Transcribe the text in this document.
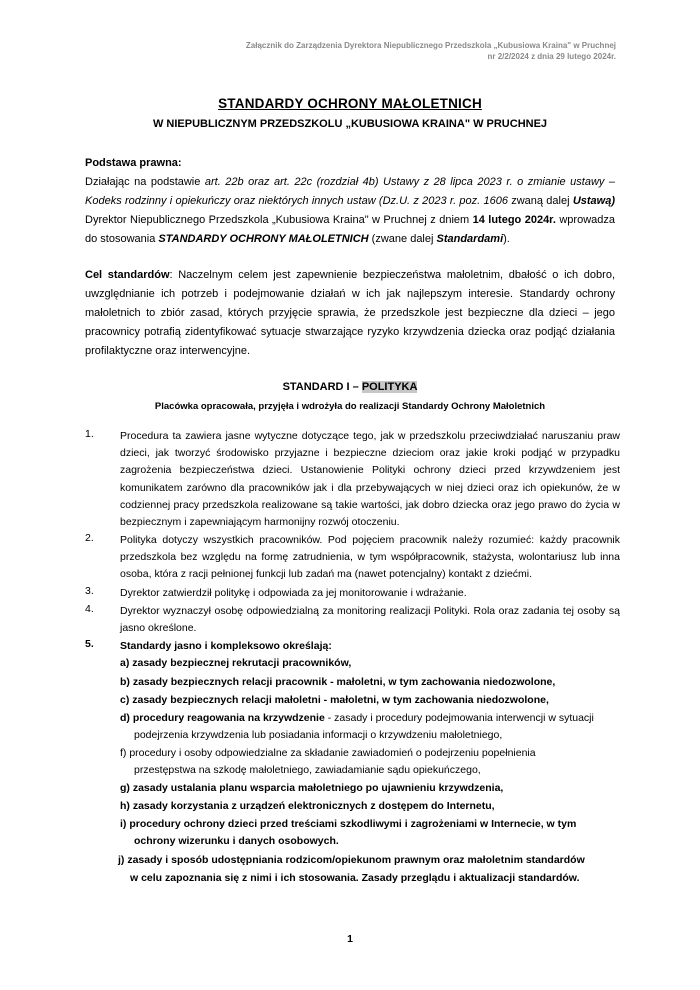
Załącznik do Zarządzenia Dyrektora Niepublicznego Przedszkola „Kubusiowa Kraina" w Pruchnej
nr 2/2/2024 z dnia 29 lutego 2024r.
STANDARDY OCHRONY MAŁOLETNICH
W NIEPUBLICZNYM PRZEDSZKOLU „KUBUSIOWA KRAINA" W PRUCHNEJ

Podstawa prawna:

Działając na podstawie art. 22b oraz art. 22c (rozdział 4b) Ustawy z 28 lipca 2023 r. o zmianie ustawy – Kodeks rodzinny i opiekuńczy oraz niektórych innych ustaw (Dz.U. z 2023 r. poz. 1606 zwaną dalej Ustawą) Dyrektor Niepublicznego Przedszkola „Kubusiowa Kraina" w Pruchnej z dniem 14 lutego 2024r. wprowadza do stosowania STANDARDY OCHRONY MAŁOLETNICH (zwane dalej Standardami).

Cel standardów: Naczelnym celem jest zapewnienie bezpieczeństwa małoletnim, dbałość o ich dobro, uwzględnianie ich potrzeb i podejmowanie działań w ich jak najlepszym interesie. Standardy ochrony małoletnich to zbiór zasad, których przyjęcie sprawia, że przedszkole jest bezpieczne dla dzieci – jego pracownicy potrafią zidentyfikować sytuacje stwarzające ryzyko krzywdzenia dziecka oraz podjąć działania profilaktyczne oraz interwencyjne.

STANDARD I – POLITYKA
Placówka opracowała, przyjęła i wdrożyła do realizacji Standardy Ochrony Małoletnich
1.	Procedura ta zawiera jasne wytyczne dotyczące tego, jak w przedszkolu przeciwdziałać naruszaniu praw dzieci, jak tworzyć środowisko przyjazne i bezpieczne dzieciom oraz jakie kroki podjąć w przypadku zagrożenia bezpieczeństwa dzieci. Ustanowienie Polityki ochrony dzieci przed krzywdzeniem jest komunikatem zarówno dla pracowników jak i dla przebywających w niej dzieci oraz ich opiekunów, że w codziennej pracy przedszkola realizowane są takie wartości, jak dobro dziecka oraz jego prawo do życia w bezpiecznym i zapewniającym harmonijny rozwój otoczeniu.
2.	Polityka dotyczy wszystkich pracowników. Pod pojęciem pracownik należy rozumieć: każdy pracownik przedszkola bez względu na formę zatrudnienia, w tym współpracownik, stażysta, wolontariusz lub inna osoba, która z racji pełnionej funkcji lub zadań ma (nawet potencjalny) kontakt z dziećmi.
3.	Dyrektor zatwierdził politykę i odpowiada za jej monitorowanie i wdrażanie.
4.	Dyrektor wyznaczył osobę odpowiedzialną za monitoring realizacji Polityki. Rola oraz zadania tej osoby są jasno określone.
5.	Standardy jasno i kompleksowo określają:
a) zasady bezpiecznej rekrutacji pracowników,
b) zasady bezpiecznych relacji pracownik - małoletni, w tym zachowania niedozwolone,
c) zasady bezpiecznych relacji małoletni - małoletni, w tym zachowania niedozwolone,
d) procedury reagowania na krzywdzenie - zasady i procedury podejmowania interwencji w sytuacji
podejrzenia krzywdzenia lub posiadania informacji o krzywdzeniu małoletniego,
f) procedury i osoby odpowiedzialne za składanie zawiadomień o podejrzeniu popełnienia
przestępstwa na szkodę małoletniego, zawiadamianie sądu opiekuńczego,
g) zasady ustalania planu wsparcia małoletniego po ujawnieniu krzywdzenia,
h) zasady korzystania z urządzeń elektronicznych z dostępem do Internetu,
i) procedury ochrony dzieci przed treściami szkodliwymi i zagrożeniami w Internecie, w tym
ochrony wizerunku i danych osobowych.
j) zasady i sposób udostępniania rodzicom/opiekunom prawnym oraz małoletnim standardów
w celu zapoznania się z nimi i ich stosowania. Zasady przeglądu i aktualizacji standardów.
1
